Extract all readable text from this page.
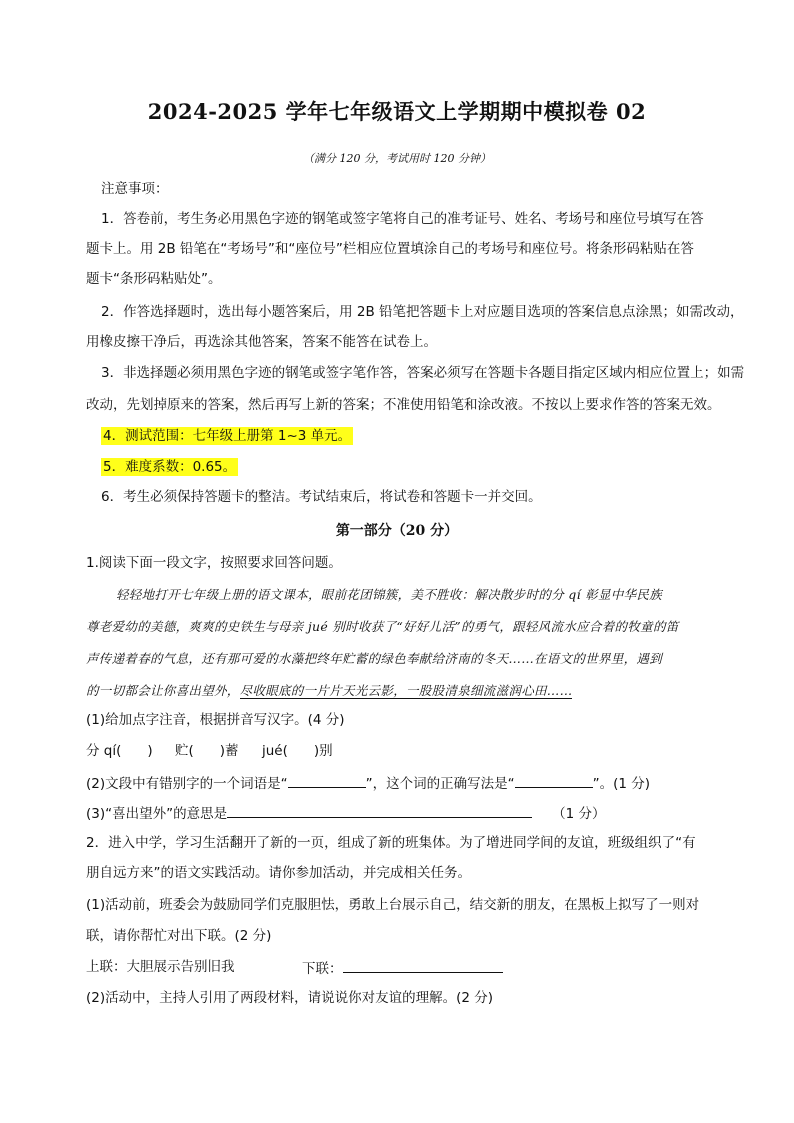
2024-2025 学年七年级语文上学期期中模拟卷 02
（满分 120 分，考试用时 120 分钟）
注意事项：
1．答卷前，考生务必用黑色字迹的钢笔或签字笔将自己的准考证号、姓名、考场号和座位号填写在答
题卡上。用 2B 铅笔在“考场号”和“座位号”栏相应位置填涂自己的考场号和座位号。将条形码粘贴在答
题卡“条形码粘贴处”。
2．作答选择题时，选出每小题答案后，用 2B 铅笔把答题卡上对应题目选项的答案信息点涂黑；如需改动，
用橡皮擦干净后，再选涂其他答案，答案不能答在试卷上。
3．非选择题必须用黑色字迹的钢笔或签字笔作答，答案必须写在答题卡各题目指定区域内相应位置上；如需
改动，先划掉原来的答案，然后再写上新的答案；不准使用铅笔和涂改液。不按以上要求作答的答案无效。
4．测试范围：七年级上册第 1~3 单元。
5．难度系数：0.65。
6．考生必须保持答题卡的整洁。考试结束后，将试卷和答题卡一并交回。
第一部分（20 分）
1.阅读下面一段文字，按照要求回答问题。
轻轻地打开七年级上册的语文课本，眼前花团锦簇，美不胜收：解决散步时的分 qí 彰显中华民族
尊老爱幼的美德，爽爽的史铁生与母亲 jué 别时收获了“好好儿活”的勇气，跟轻风流水应合着的牧童的笛
声传递着春的气息，还有那可爱的水藻把终年贮蓄的绿色奉献给济南的冬天……在语文的世界里，遇到
的一切都会让你喜出望外，尽收眼底的一片片天光云影，一股股清泉细流滋润心田……
(1)给加点字注音，根据拼音写汉字。(4 分)
分 qí( ) 贮( )蓄 jué( )别
(2)文段中有错别字的一个词语是“	”，这个词的正确写法是“	”。(1 分)
(3)“喜出望外”的意思是	（1 分）
2．进入中学，学习生活翻开了新的一页，组成了新的班集体。为了增进同学间的友谊，班级组织了“有
朋自远方来”的语文实践活动。请你参加活动，并完成相关任务。
(1)活动前，班委会为鼓励同学们克服胆怯，勇敢上台展示自己，结交新的朋友，在黑板上拟写了一则对
联，请你帮忙对出下联。(2 分)
上联：大胆展示告别旧我	下联：
(2)活动中，主持人引用了两段材料，请说说你对友谊的理解。(2 分)
